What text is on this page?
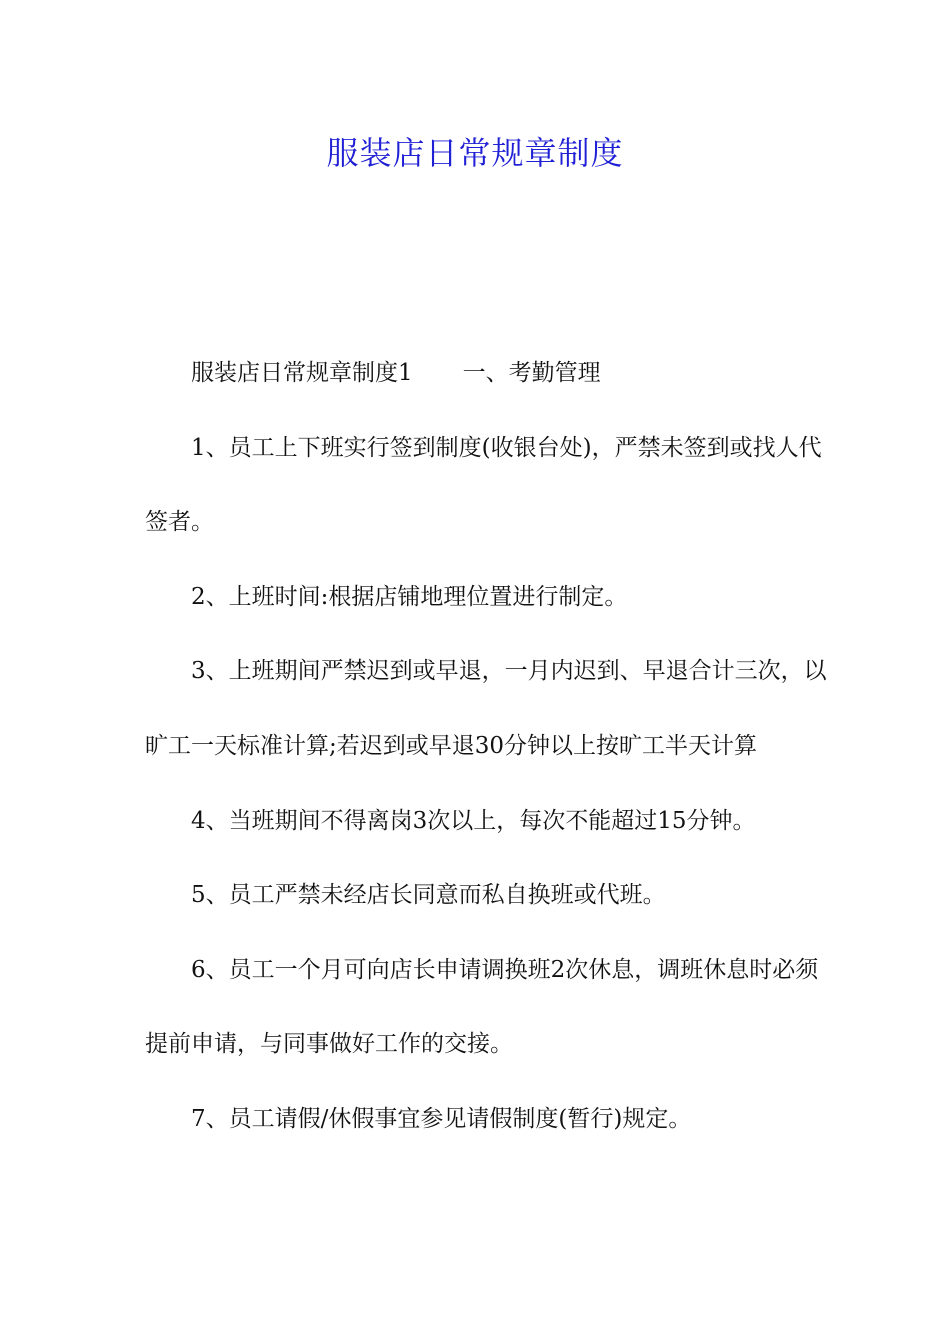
服装店日常规章制度

服装店日常规章制度1 一、考勤管理

1、员工上下班实行签到制度(收银台处)，严禁未签到或找人代签者。

2、上班时间:根据店铺地理位置进行制定。

3、上班期间严禁迟到或早退，一月内迟到、早退合计三次，以旷工一天标准计算;若迟到或早退30分钟以上按旷工半天计算

4、当班期间不得离岗3次以上，每次不能超过15分钟。

5、员工严禁未经店长同意而私自换班或代班。

6、员工一个月可向店长申请调换班2次休息，调班休息时必须提前申请，与同事做好工作的交接。

7、员工请假/休假事宜参见请假制度(暂行)规定。
